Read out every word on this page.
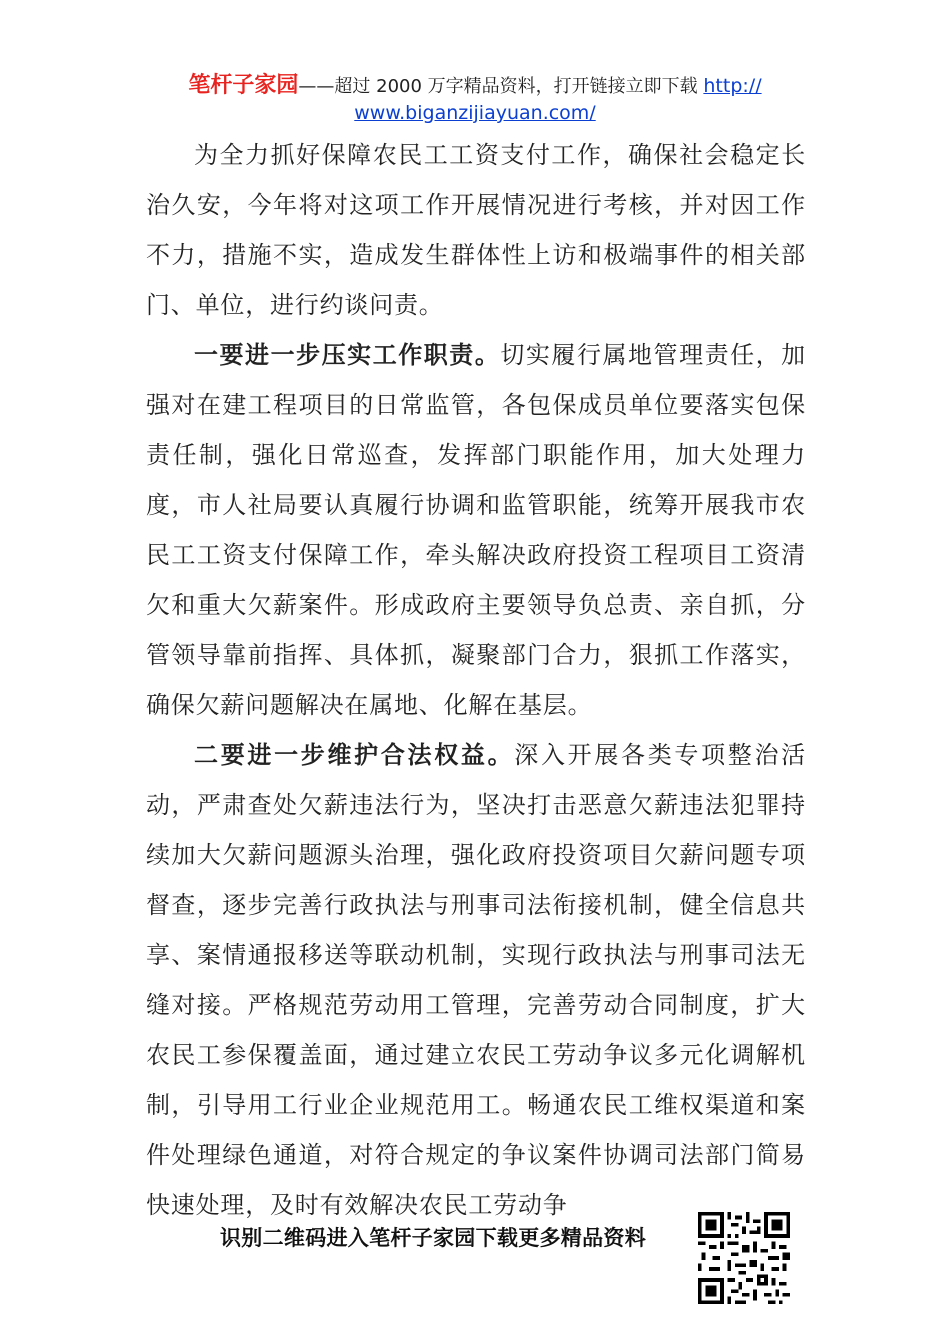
笔杆子家园——超过 2000 万字精品资料，打开链接立即下载 http://
www.biganzijiayuan.com/

为全力抓好保障农民工工资支付工作，确保社会稳定长治久安，今年将对这项工作开展情况进行考核，并对因工作不力，措施不实，造成发生群体性上访和极端事件的相关部门、单位，进行约谈问责。

一要进一步压实工作职责。切实履行属地管理责任，加强对在建工程项目的日常监管，各包保成员单位要落实包保责任制，强化日常巡查，发挥部门职能作用，加大处理力度，市人社局要认真履行协调和监管职能，统筹开展我市农民工工资支付保障工作，牵头解决政府投资工程项目工资清欠和重大欠薪案件。形成政府主要领导负总责、亲自抓，分管领导靠前指挥、具体抓，凝聚部门合力，狠抓工作落实，确保欠薪问题解决在属地、化解在基层。

二要进一步维护合法权益。深入开展各类专项整治活动，严肃查处欠薪违法行为，坚决打击恶意欠薪违法犯罪持续加大欠薪问题源头治理，强化政府投资项目欠薪问题专项督查，逐步完善行政执法与刑事司法衔接机制，健全信息共享、案情通报移送等联动机制，实现行政执法与刑事司法无缝对接。严格规范劳动用工管理，完善劳动合同制度，扩大农民工参保覆盖面，通过建立农民工劳动争议多元化调解机制，引导用工行业企业规范用工。畅通农民工维权渠道和案件处理绿色通道，对符合规定的争议案件协调司法部门简易快速处理，及时有效解决农民工劳动争

识别二维码进入笔杆子家园下载更多精品资料
